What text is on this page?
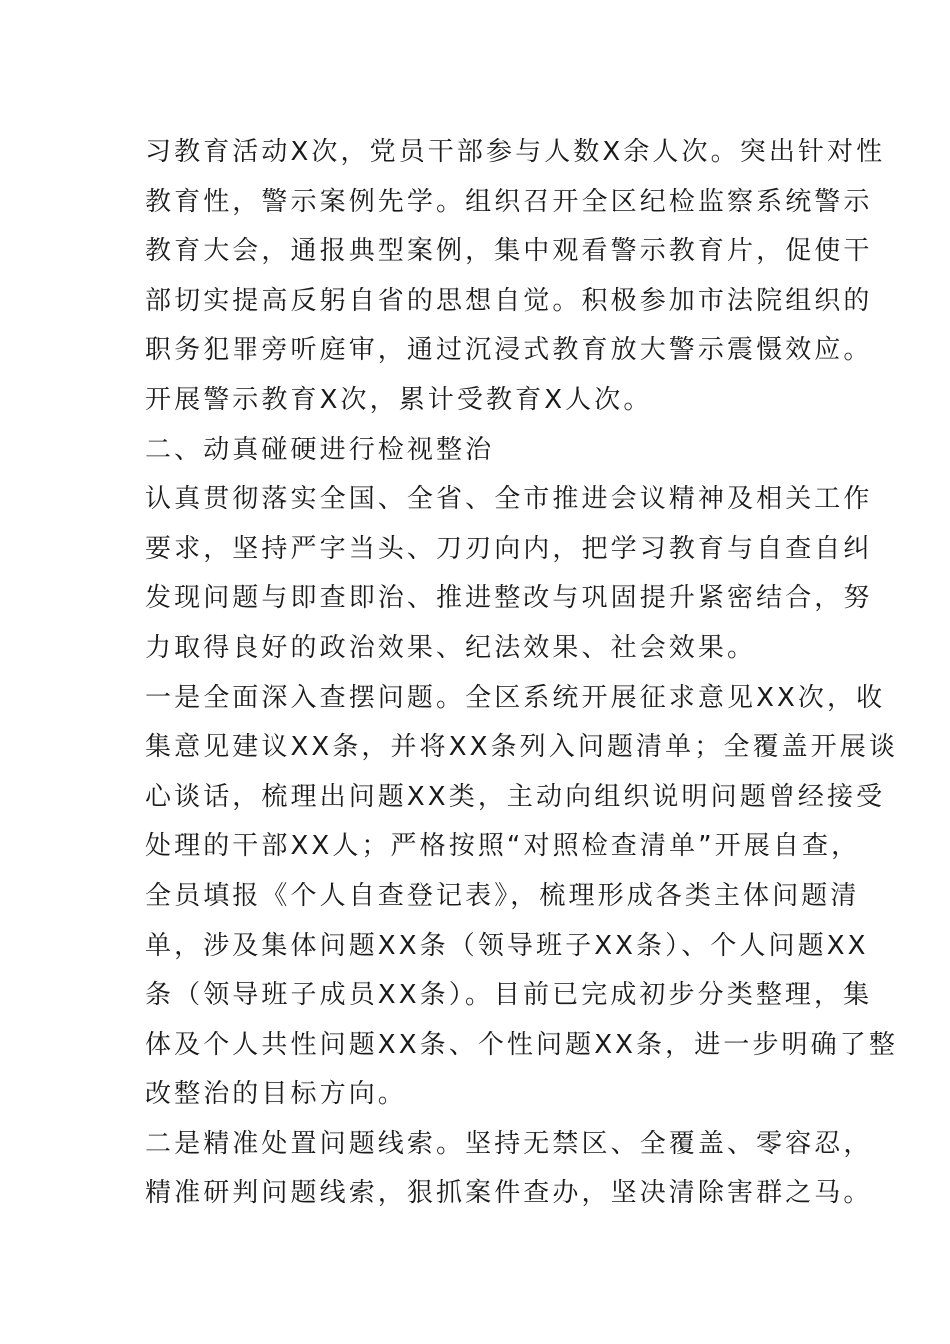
习教育活动X次，党员干部参与人数X余人次。突出针对性
教育性，警示案例先学。组织召开全区纪检监察系统警示
教育大会，通报典型案例，集中观看警示教育片，促使干
部切实提高反躬自省的思想自觉。积极参加市法院组织的
职务犯罪旁听庭审，通过沉浸式教育放大警示震慑效应。
开展警示教育X次，累计受教育X人次。
二、动真碰硬进行检视整治
认真贯彻落实全国、全省、全市推进会议精神及相关工作
要求，坚持严字当头、刀刃向内，把学习教育与自查自纠
发现问题与即查即治、推进整改与巩固提升紧密结合，努
力取得良好的政治效果、纪法效果、社会效果。
一是全面深入查摆问题。全区系统开展征求意见XX次，收
集意见建议XX条，并将XX条列入问题清单；全覆盖开展谈
心谈话，梳理出问题XX类，主动向组织说明问题曾经接受
处理的干部XX人；严格按照“对照检查清单”开展自查，
全员填报《个人自查登记表》，梳理形成各类主体问题清
单，涉及集体问题XX条（领导班子XX条）、个人问题XX
条（领导班子成员XX条）。目前已完成初步分类整理，集
体及个人共性问题XX条、个性问题XX条，进一步明确了整
改整治的目标方向。
二是精准处置问题线索。坚持无禁区、全覆盖、零容忍，
精准研判问题线索，狠抓案件查办，坚决清除害群之马。
